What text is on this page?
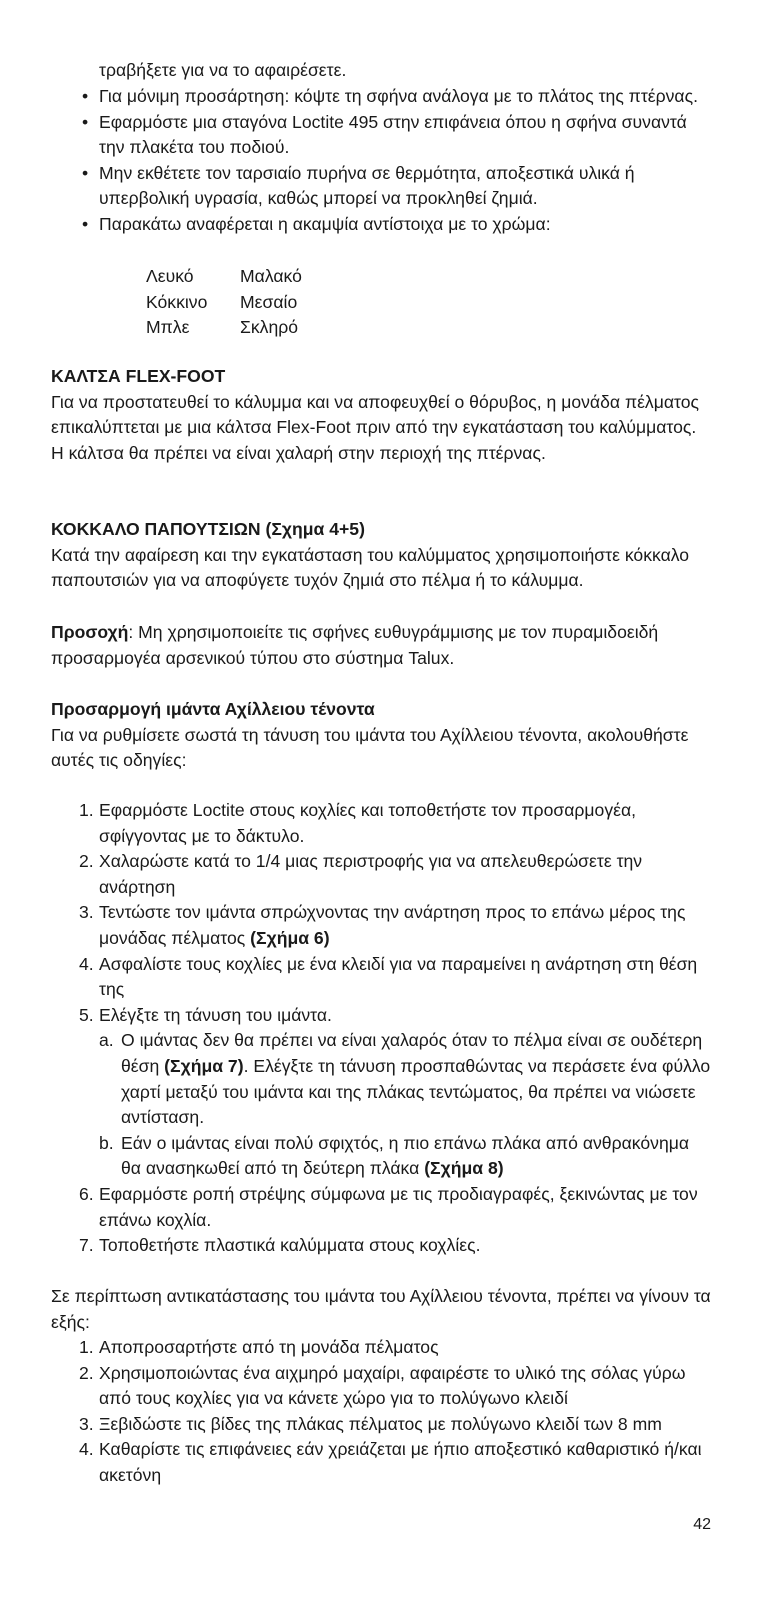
τραβήξετε για να το αφαιρέσετε.
• Για μόνιμη προσάρτηση: κόψτε τη σφήνα ανάλογα με το πλάτος της πτέρνας.
• Εφαρμόστε μια σταγόνα Loctite 495 στην επιφάνεια όπου η σφήνα συναντά την πλακέτα του ποδιού.
• Μην εκθέτετε τον ταρσιαίο πυρήνα σε θερμότητα, αποξεστικά υλικά ή υπερβολική υγρασία, καθώς μπορεί να προκληθεί ζημιά.
• Παρακάτω αναφέρεται η ακαμψία αντίστοιχα με το χρώμα:
Λευκό	Μαλακό
Κόκκινο	Μεσαίο
Μπλε	Σκληρό
ΚΑΛΤΣΑ FLEX-FOOT

Για να προστατευθεί το κάλυμμα και να αποφευχθεί ο θόρυβος, η μονάδα πέλματος επικαλύπτεται με μια κάλτσα Flex-Foot πριν από την εγκατάσταση του καλύμματος. Η κάλτσα θα πρέπει να είναι χαλαρή στην περιοχή της πτέρνας.

ΚΟΚΚΑΛΟ ΠΑΠΟΥΤΣΙΩΝ (Σχημα 4+5)

Κατά την αφαίρεση και την εγκατάσταση του καλύμματος χρησιμοποιήστε κόκκαλο παπουτσιών για να αποφύγετε τυχόν ζημιά στο πέλμα ή το κάλυμμα.

Προσοχή: Μη χρησιμοποιείτε τις σφήνες ευθυγράμμισης με τον πυραμιδοειδή προσαρμογέα αρσενικού τύπου στο σύστημα Talux.

Προσαρμογή ιμάντα Αχίλλειου τένοντα

Για να ρυθμίσετε σωστά τη τάνυση του ιμάντα του Αχίλλειου τένοντα, ακολουθήστε αυτές τις οδηγίες:

1. Εφαρμόστε Loctite στους κοχλίες και τοποθετήστε τον προσαρμογέα, σφίγγοντας με το δάκτυλο.
2. Χαλαρώστε κατά το 1/4 μιας περιστροφής για να απελευθερώσετε την ανάρτηση
3. Τεντώστε τον ιμάντα σπρώχνοντας την ανάρτηση προς το επάνω μέρος της μονάδας πέλματος (Σχήμα 6)
4. Ασφαλίστε τους κοχλίες με ένα κλειδί για να παραμείνει η ανάρτηση στη θέση της
5. Ελέγξτε τη τάνυση του ιμάντα.
a. Ο ιμάντας δεν θα πρέπει να είναι χαλαρός όταν το πέλμα είναι σε ουδέτερη θέση (Σχήμα 7). Ελέγξτε τη τάνυση προσπαθώντας να περάσετε ένα φύλλο χαρτί μεταξύ του ιμάντα και της πλάκας τεντώματος, θα πρέπει να νιώσετε αντίσταση.
b. Εάν ο ιμάντας είναι πολύ σφιχτός, η πιο επάνω πλάκα από ανθρακόνημα θα ανασηκωθεί από τη δεύτερη πλάκα (Σχήμα 8)
6. Εφαρμόστε ροπή στρέψης σύμφωνα με τις προδιαγραφές, ξεκινώντας με τον επάνω κοχλία.
7. Τοποθετήστε πλαστικά καλύμματα στους κοχλίες.
Σε περίπτωση αντικατάστασης του ιμάντα του Αχίλλειου τένοντα, πρέπει να γίνουν τα εξής:
1. Αποπροσαρτήστε από τη μονάδα πέλματος
2. Χρησιμοποιώντας ένα αιχμηρό μαχαίρι, αφαιρέστε το υλικό της σόλας γύρω από τους κοχλίες για να κάνετε χώρο για το πολύγωνο κλειδί
3. Ξεβιδώστε τις βίδες της πλάκας πέλματος με πολύγωνο κλειδί των 8 mm
4. Καθαρίστε τις επιφάνειες εάν χρειάζεται με ήπιο αποξεστικό καθαριστικό ή/και ακετόνη
42
